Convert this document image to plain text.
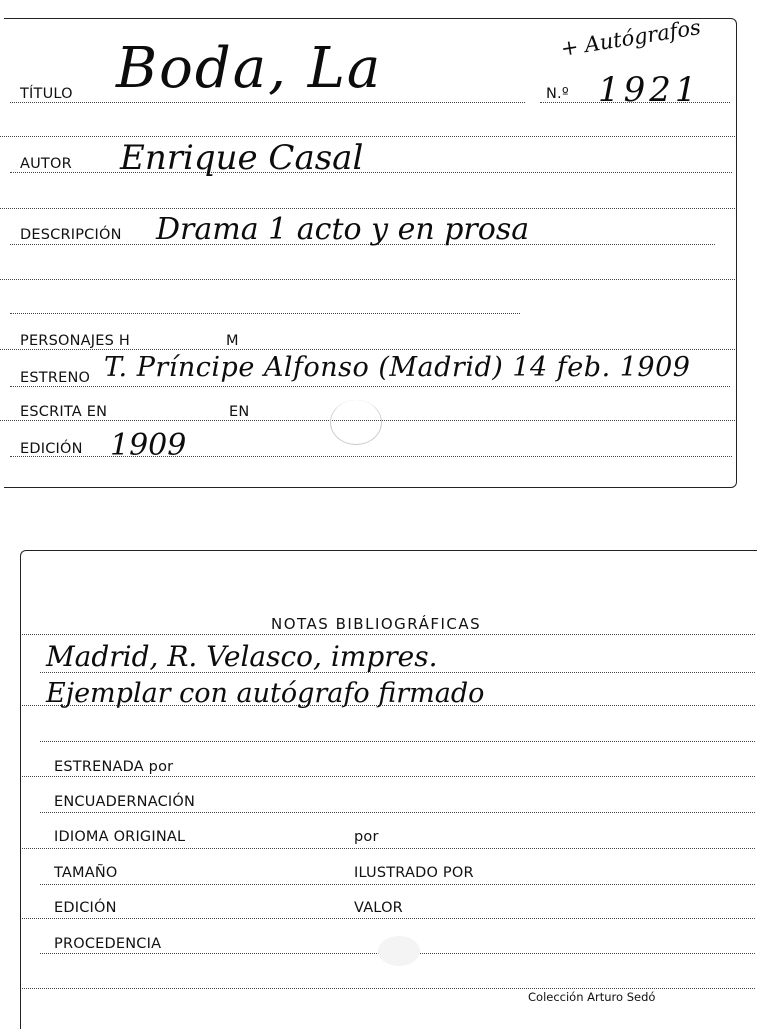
+ Autógrafos
TÍTULO Boda, La	N.º 1921
AUTOR Enrique Casal
DESCRIPCIÓN Drama 1 acto y en prosa
PERSONAJES H	M
ESTRENO T. Príncipe Alfonso (Madrid) 14 feb. 1909
ESCRITA EN	EN
EDICIÓN 1909
NOTAS BIBLIOGRÁFICAS
Madrid, R. Velasco, impres.
Ejemplar con autógrafo firmado
ESTRENADA por
ENCUADERNACIÓN
IDIOMA ORIGINAL	por
TAMAÑO	ILUSTRADO POR
EDICIÓN	VALOR
PROCEDENCIA
Colección Arturo Sedó
